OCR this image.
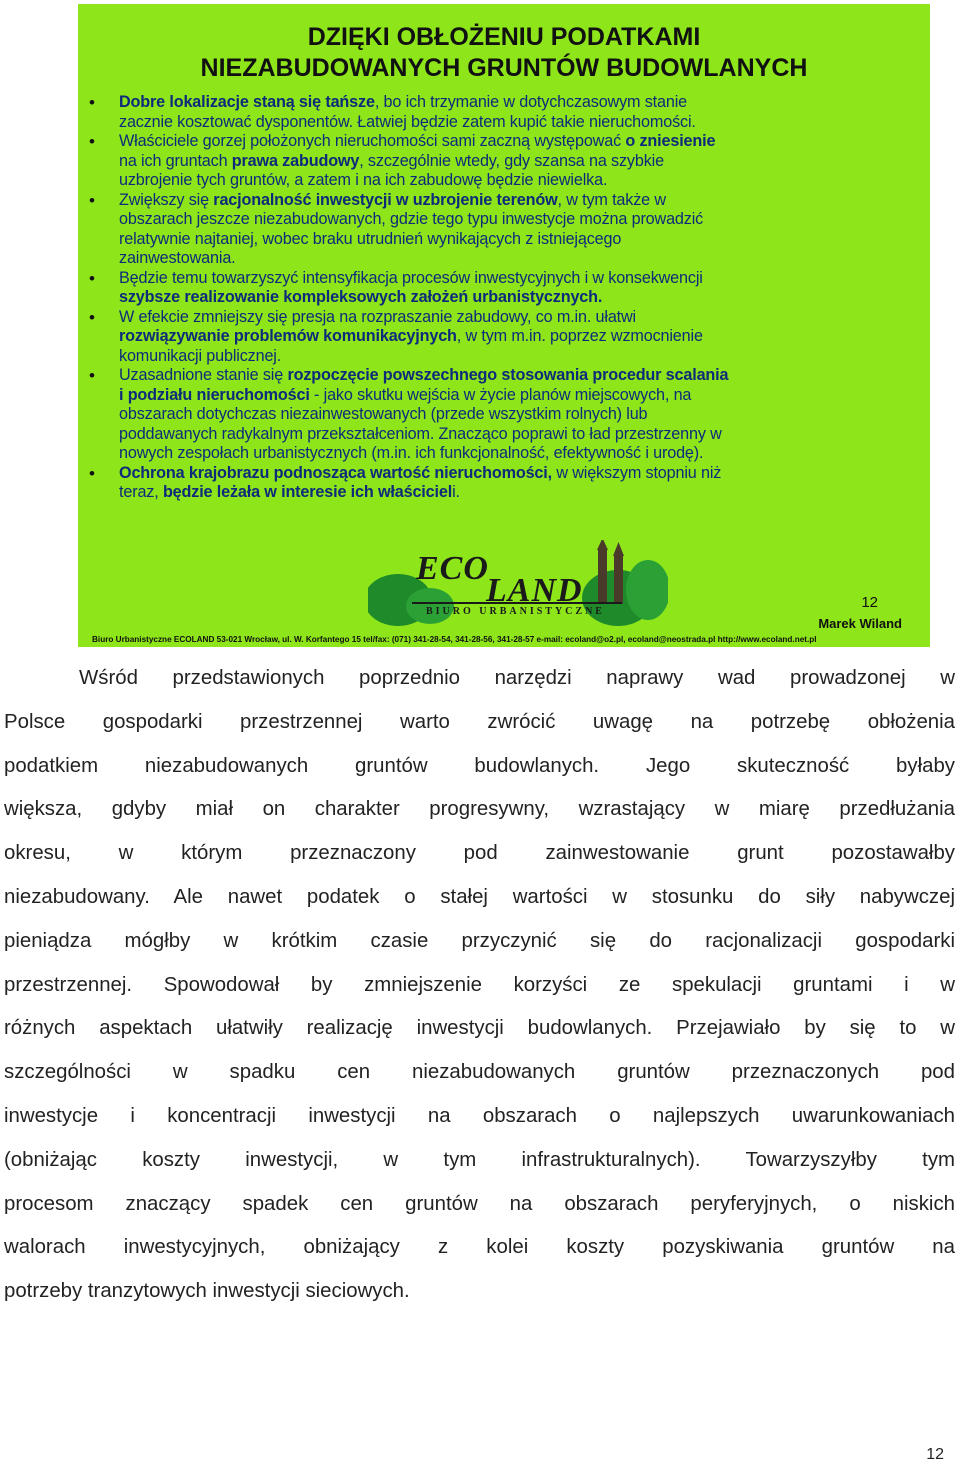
DZIĘKI OBŁOŻENIU PODATKAMI
NIEZABUDOWANYCH GRUNTÓW BUDOWLANYCH
• Dobre lokalizacje staną się tańsze, bo ich trzymanie w dotychczasowym stanie
zacznie kosztować dysponentów. Łatwiej będzie zatem kupić takie nieruchomości.
• Właściciele gorzej położonych nieruchomości sami zaczną występować o zniesienie
na ich gruntach prawa zabudowy, szczególnie wtedy, gdy szansa na szybkie
uzbrojenie tych gruntów, a zatem i na ich zabudowę będzie niewielka.
• Zwiększy się racjonalność inwestycji w uzbrojenie terenów, w tym także w
obszarach jeszcze niezabudowanych, gdzie tego typu inwestycje można prowadzić
relatywnie najtaniej, wobec braku utrudnień wynikających z istniejącego
zainwestowania.
• Będzie temu towarzyszyć intensyfikacja procesów inwestycyjnych i w konsekwencji
szybsze realizowanie kompleksowych założeń urbanistycznych.
• W efekcie zmniejszy się presja na rozpraszanie zabudowy, co m.in. ułatwi
rozwiązywanie problemów komunikacyjnych, w tym m.in. poprzez wzmocnienie
komunikacji publicznej.
• Uzasadnione stanie się rozpoczęcie powszechnego stosowania procedur scalania
i podziału nieruchomości - jako skutku wejścia w życie planów miejscowych, na
obszarach dotychczas niezainwestowanych (przede wszystkim rolnych) lub
poddawanych radykalnym przekształceniom. Znacząco poprawi to ład przestrzenny w
nowych zespołach urbanistycznych (m.in. ich funkcjonalność, efektywność i urodę).
• Ochrona krajobrazu podnosząca wartość nieruchomości, w większym stopniu niż
teraz, będzie leżała w interesie ich właścicieli.
ECO
LAND
BIURO URBANISTYCZNE
12
Marek Wiland
Biuro Urbanistyczne ECOLAND 53-021 Wrocław, ul. W. Korfantego 15 tel/fax: (071) 341-28-54, 341-28-56, 341-28-57 e-mail: ecoland@o2.pl, ecoland@neostrada.pl http://www.ecoland.net.pl

Wśród przedstawionych poprzednio narzędzi naprawy wad prowadzonej w
Polsce gospodarki przestrzennej warto zwrócić uwagę na potrzebę obłożenia
podatkiem niezabudowanych gruntów budowlanych. Jego skuteczność byłaby
większa, gdyby miał on charakter progresywny, wzrastający w miarę przedłużania
okresu, w którym przeznaczony pod zainwestowanie grunt pozostawałby
niezabudowany. Ale nawet podatek o stałej wartości w stosunku do siły nabywczej
pieniądza mógłby w krótkim czasie przyczynić się do racjonalizacji gospodarki
przestrzennej. Spowodował by zmniejszenie korzyści ze spekulacji gruntami i w
różnych aspektach ułatwiły realizację inwestycji budowlanych. Przejawiało by się to w
szczególności w spadku cen niezabudowanych gruntów przeznaczonych pod
inwestycje i koncentracji inwestycji na obszarach o najlepszych uwarunkowaniach
(obniżając koszty inwestycji, w tym infrastrukturalnych). Towarzyszyłby tym
procesom znaczący spadek cen gruntów na obszarach peryferyjnych, o niskich
walorach inwestycyjnych, obniżający z kolei koszty pozyskiwania gruntów na
potrzeby tranzytowych inwestycji sieciowych.

12
